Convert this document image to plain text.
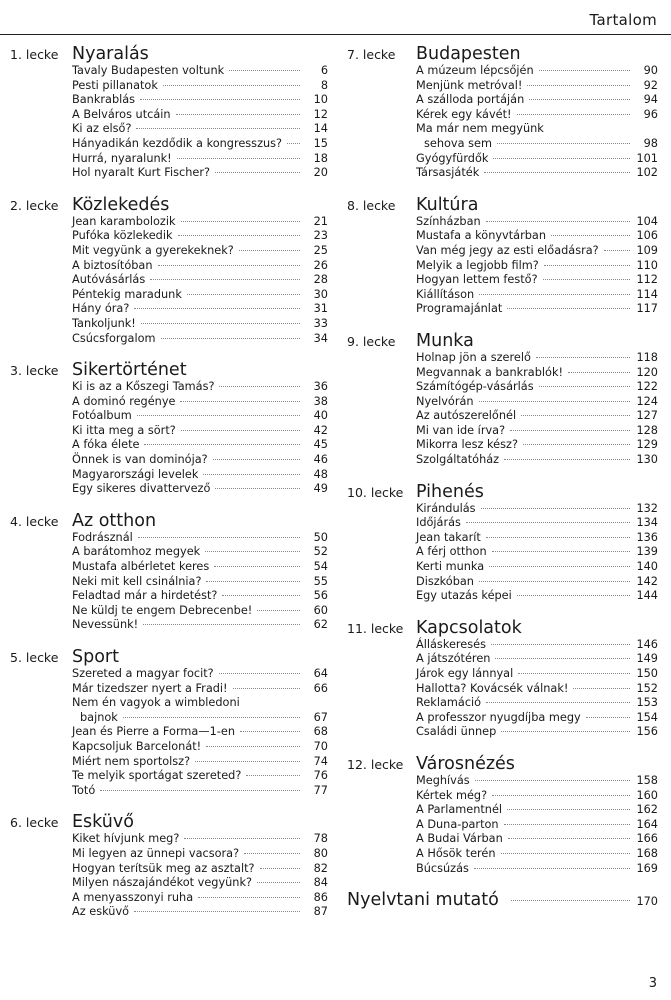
Tartalom
1. lecke Nyaralás
Tavaly Budapesten voltunk	6
Pesti pillanatok	8
Bankrablás	10
A Belváros utcáin	12
Ki az első?	14
Hányadikán kezdődik a kongresszus?	15
Hurrá, nyaralunk!	18
Hol nyaralt Kurt Fischer?	20
2. lecke Közlekedés
Jean karambolozik	21
Pufóka közlekedik	23
Mit vegyünk a gyerekeknek?	25
A biztosítóban	26
Autóvásárlás	28
Péntekig maradunk	30
Hány óra?	31
Tankoljunk!	33
Csúcsforgalom	34
3. lecke Sikertörténet
Ki is az a Kőszegi Tamás?	36
A dominó regénye	38
Fotóalbum	40
Ki itta meg a sört?	42
A fóka élete	45
Önnek is van dominója?	46
Magyarországi levelek	48
Egy sikeres divattervező	49
4. lecke Az otthon
Fodrásznál	50
A barátomhoz megyek	52
Mustafa albérletet keres	54
Neki mit kell csinálnia?	55
Feladtad már a hirdetést?	56
Ne küldj te engem Debrecenbe!	60
Nevessünk!	62
5. lecke Sport
Szereted a magyar focit?	64
Már tizedszer nyert a Fradi!	66
Nem én vagyok a wimbledoni
bajnok	67
Jean és Pierre a Forma—1-en	68
Kapcsoljuk Barcelonát!	70
Miért nem sportolsz?	74
Te melyik sportágat szereted?	76
Totó	77
6. lecke Esküvő
Kiket hívjunk meg?	78
Mi legyen az ünnepi vacsora?	80
Hogyan terítsük meg az asztalt?	82
Milyen nászajándékot vegyünk?	84
A menyasszonyi ruha	86
Az esküvő	87
7. lecke	Budapesten
A múzeum lépcsőjén	90
Menjünk metróval!	92
A szálloda portáján	94
Kérek egy kávét!	96
Ma már nem megyünk
sehova sem	98
Gyógyfürdők	101
Társasjáték	102
8. lecke	Kultúra
Színházban	104
Mustafa a könyvtárban	106
Van még jegy az esti előadásra?	109
Melyik a legjobb film?	110
Hogyan lettem festő?	112
Kiállításon	114
Programajánlat	117
9. lecke	Munka
Holnap jön a szerelő	118
Megvannak a bankrablók!	120
Számítógép-vásárlás	122
Nyelvórán	124
Az autószerelőnél	127
Mi van ide írva?	128
Mikorra lesz kész?	129
Szolgáltatóház	130
10. lecke Pihenés
Kirándulás	132
Időjárás	134
Jean takarít	136
A férj otthon	139
Kerti munka	140
Diszkóban	142
Egy utazás képei	144
11. lecke Kapcsolatok
Álláskeresés	146
A játszótéren	149
Járok egy lánnyal	150
Hallotta? Kovácsék válnak!	152
Reklamáció	153
A professzor nyugdíjba megy	154
Családi ünnep	156
12. lecke Városnézés
Meghívás	158
Kértek még?	160
A Parlamentnél	162
A Duna-parton	164
A Budai Várban	166
A Hősök terén	168
Búcsúzás	169
Nyelvtani mutató	170
3
